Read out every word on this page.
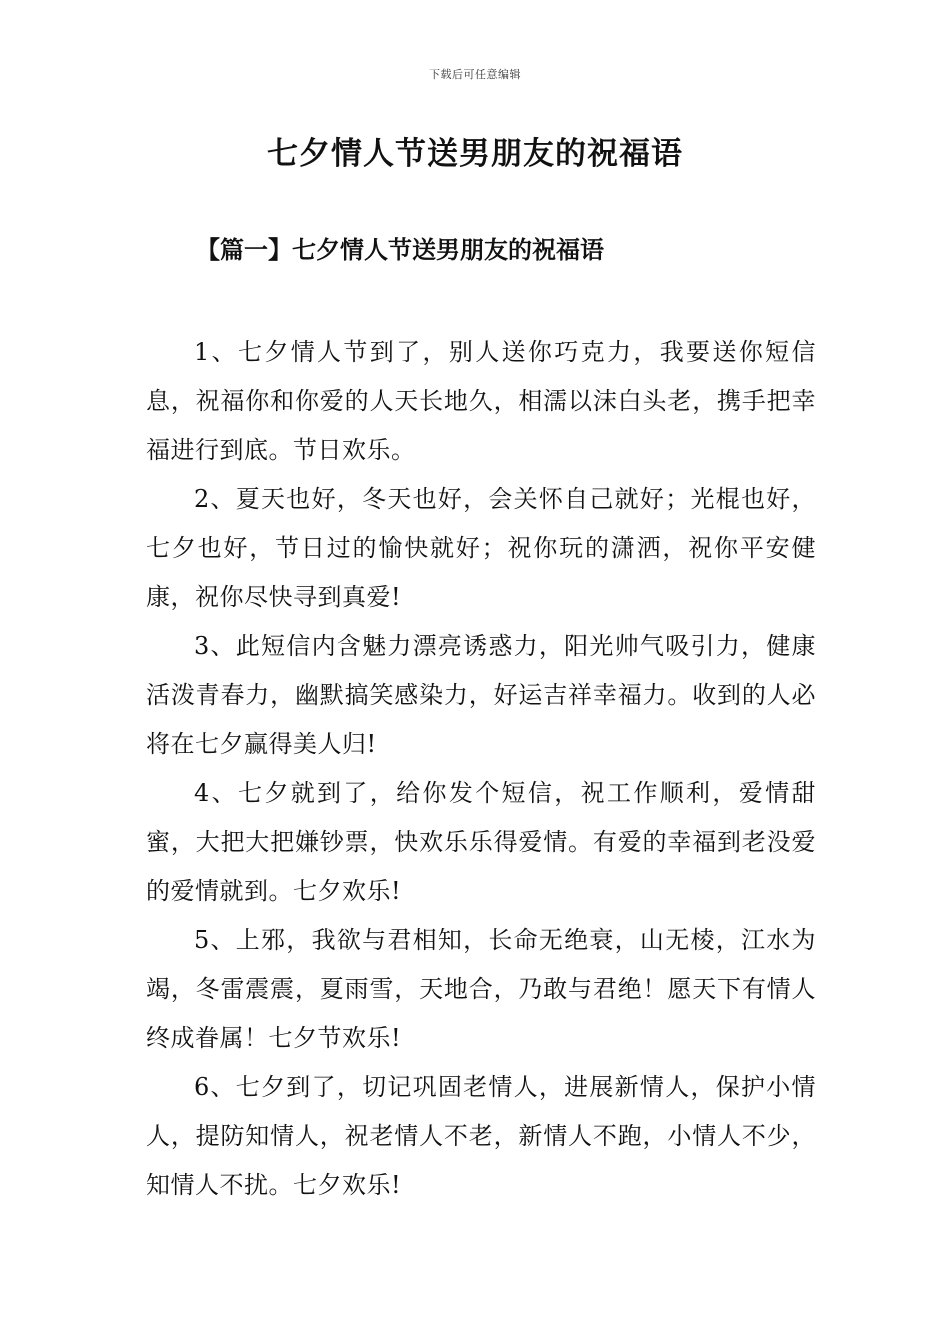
下载后可任意编辑
七夕情人节送男朋友的祝福语
【篇一】七夕情人节送男朋友的祝福语

1、七夕情人节到了，别人送你巧克力，我要送你短信息，祝福你和你爱的人天长地久，相濡以沫白头老，携手把幸福进行到底。节日欢乐。

2、夏天也好，冬天也好，会关怀自己就好；光棍也好，七夕也好，节日过的愉快就好；祝你玩的潇洒，祝你平安健康，祝你尽快寻到真爱!

3、此短信内含魅力漂亮诱惑力，阳光帅气吸引力，健康活泼青春力，幽默搞笑感染力，好运吉祥幸福力。收到的人必将在七夕赢得美人归!

4、七夕就到了，给你发个短信，祝工作顺利，爱情甜蜜，大把大把嫌钞票，快欢乐乐得爱情。有爱的幸福到老没爱的爱情就到。七夕欢乐!

5、上邪，我欲与君相知，长命无绝衰，山无棱，江水为竭，冬雷震震，夏雨雪，天地合，乃敢与君绝！愿天下有情人终成眷属！七夕节欢乐!

6、七夕到了，切记巩固老情人，进展新情人，保护小情人，提防知情人，祝老情人不老，新情人不跑，小情人不少，知情人不扰。七夕欢乐!
